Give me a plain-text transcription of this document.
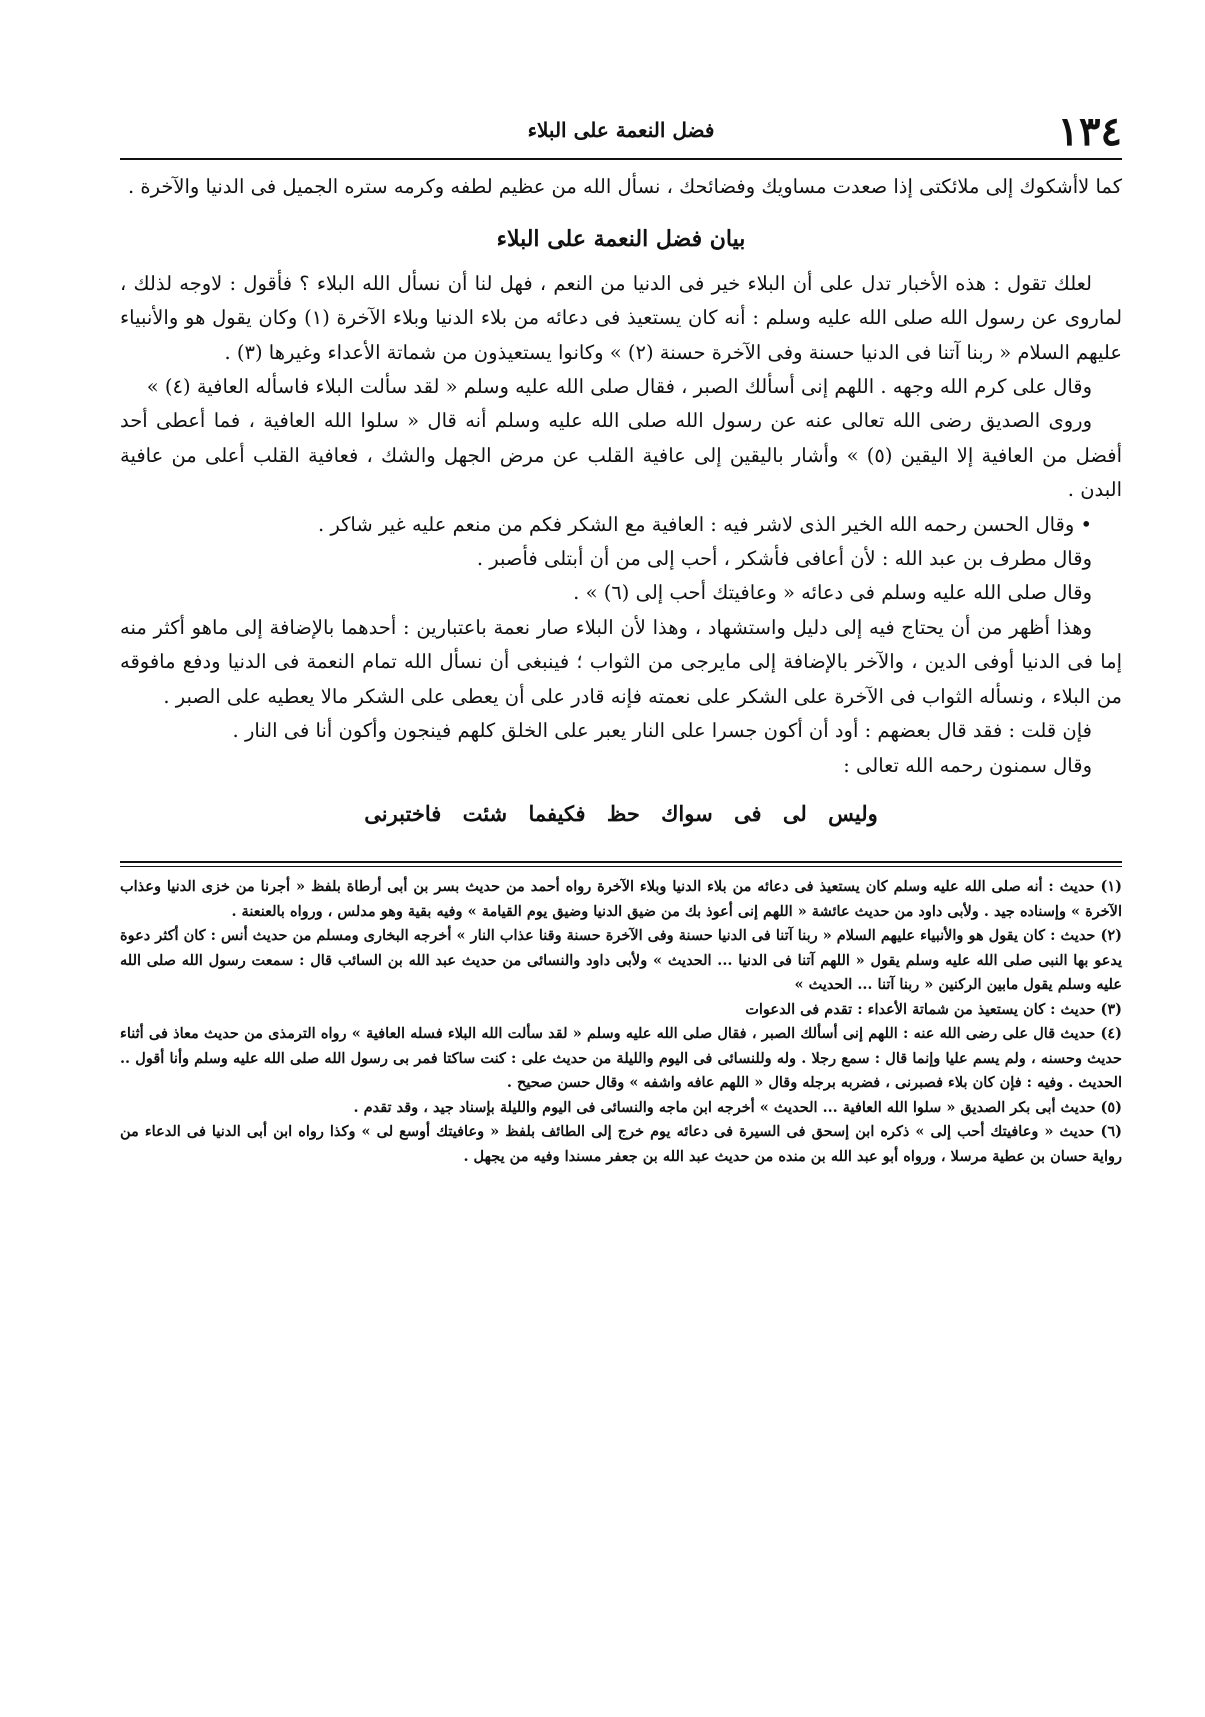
١٣٤
فضل النعمة على البلاء

كما لاأشكوك إلى ملائكتى إذا صعدت مساويك وفضائحك ، نسأل الله من عظيم لطفه وكرمه ستره الجميل فى الدنيا والآخرة .

بيان فضل النعمة على البلاء

لعلك تقول : هذه الأخبار تدل على أن البلاء خير فى الدنيا من النعم ، فهل لنا أن نسأل الله البلاء ؟ فأقول : لاوجه لذلك ، لماروى عن رسول الله صلى الله عليه وسلم : أنه كان يستعيذ فى دعائه من بلاء الدنيا وبلاء الآخرة (١) وكان يقول هو والأنبياء عليهم السلام « ربنا آتنا فى الدنيا حسنة وفى الآخرة حسنة (٢) » وكانوا يستعيذون من شماتة الأعداء وغيرها (٣) .

وقال على كرم الله وجهه . اللهم إنى أسألك الصبر ، فقال صلى الله عليه وسلم « لقد سألت البلاء فاسأله العافية (٤) »

وروى الصديق رضى الله تعالى عنه عن رسول الله صلى الله عليه وسلم أنه قال « سلوا الله العافية ، فما أعطى أحد أفضل من العافية إلا اليقين (٥) » وأشار باليقين إلى عافية القلب عن مرض الجهل والشك ، فعافية القلب أعلى من عافية البدن .

• وقال الحسن رحمه الله الخير الذى لاشر فيه : العافية مع الشكر فكم من منعم عليه غير شاكر .

وقال مطرف بن عبد الله : لأن أعافى فأشكر ، أحب إلى من أن أبتلى فأصبر .

وقال صلى الله عليه وسلم فى دعائه « وعافيتك أحب إلى (٦) » .

وهذا أظهر من أن يحتاج فيه إلى دليل واستشهاد ، وهذا لأن البلاء صار نعمة باعتبارين : أحدهما بالإضافة إلى ماهو أكثر منه إما فى الدنيا أوفى الدين ، والآخر بالإضافة إلى مايرجى من الثواب ؛ فينبغى أن نسأل الله تمام النعمة فى الدنيا ودفع مافوقه من البلاء ، ونسأله الثواب فى الآخرة على الشكر على نعمته فإنه قادر على أن يعطى على الشكر مالا يعطيه على الصبر .

فإن قلت : فقد قال بعضهم : أود أن أكون جسرا على النار يعبر على الخلق كلهم فينجون وأكون أنا فى النار .

وقال سمنون رحمه الله تعالى :

وليس لى فى سواك حظ فكيفما شئت فاختبرنى

(١) حديث : أنه صلى الله عليه وسلم كان يستعيذ فى دعائه من بلاء الدنيا وبلاء الآخرة رواه أحمد من حديث بسر بن أبى أرطاة بلفظ « أجرنا من خزى الدنيا وعذاب الآخرة » وإسناده جيد . ولأبى داود من حديث عائشة « اللهم إنى أعوذ بك من ضيق الدنيا وضيق يوم القيامة » وفيه بقية وهو مدلس ، ورواه بالعنعنة .

(٢) حديث : كان يقول هو والأنبياء عليهم السلام « ربنا آتنا فى الدنيا حسنة وفى الآخرة حسنة وقنا عذاب النار » أخرجه البخارى ومسلم من حديث أنس : كان أكثر دعوة يدعو بها النبى صلى الله عليه وسلم يقول « اللهم آتنا فى الدنيا ... الحديث » ولأبى داود والنسائى من حديث عبد الله بن السائب قال : سمعت رسول الله صلى الله عليه وسلم يقول مابين الركنين « ربنا آتنا ... الحديث »

(٣) حديث : كان يستعيذ من شماتة الأعداء : تقدم فى الدعوات

(٤) حديث قال على رضى الله عنه : اللهم إنى أسألك الصبر ، فقال صلى الله عليه وسلم « لقد سألت الله البلاء فسله العافية » رواه الترمذى من حديث معاذ فى أثناء حديث وحسنه ، ولم يسم عليا وإنما قال : سمع رجلا . وله وللنسائى فى اليوم والليلة من حديث على : كنت ساكتا فمر بى رسول الله صلى الله عليه وسلم وأنا أقول .. الحديث . وفيه : فإن كان بلاء فصبرنى ، فضربه برجله وقال « اللهم عافه واشفه » وقال حسن صحيح .

(٥) حديث أبى بكر الصديق « سلوا الله العافية ... الحديث » أخرجه ابن ماجه والنسائى فى اليوم والليلة بإسناد جيد ، وقد تقدم .

(٦) حديث « وعافيتك أحب إلى » ذكره ابن إسحق فى السيرة فى دعائه يوم خرج إلى الطائف بلفظ « وعافيتك أوسع لى » وكذا رواه ابن أبى الدنيا فى الدعاء من رواية حسان بن عطية مرسلا ، ورواه أبو عبد الله بن منده من حديث عبد الله بن جعفر مسندا وفيه من يجهل .
